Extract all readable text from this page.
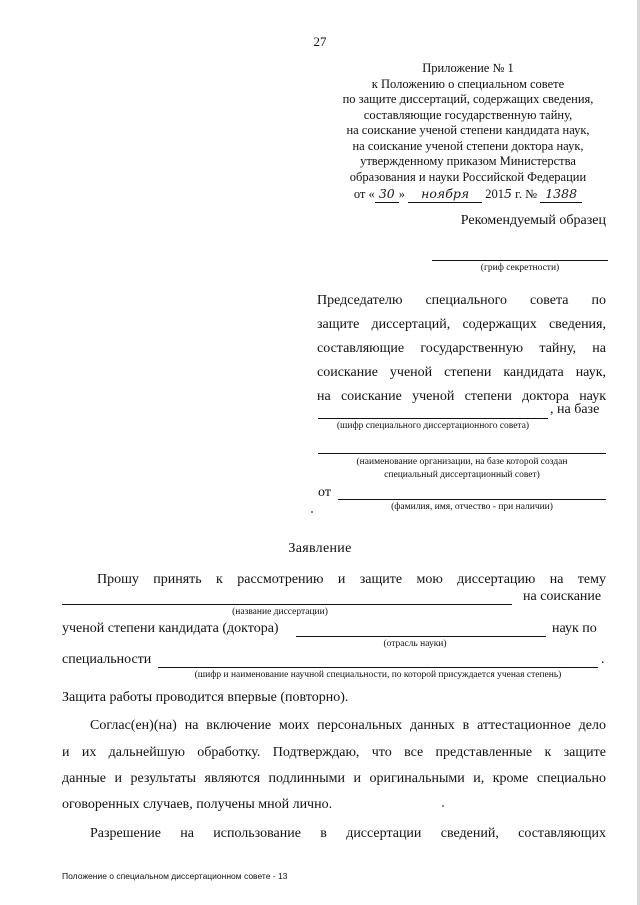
27
Приложение № 1
к Положению о специальном совете
по защите диссертаций, содержащих сведения,
составляющие государственную тайну,
на соискание ученой степени кандидата наук,
на соискание ученой степени доктора наук,
утвержденному приказом Министерства
образования и науки Российской Федерации
от « 30 » ноября 2015 г. № 1388
Рекомендуемый образец
(гриф секретности)
Председателю специального совета по
защите диссертаций, содержащих сведения,
составляющие государственную тайну, на
соискание ученой степени кандидата наук,
на соискание ученой степени доктора наук
, на базе
(шифр специального диссертационного совета)
(наименование организации, на базе которой создан
специальный диссертационный совет)
от
(фамилия, имя, отчество - при наличии)
Заявление
Прошу принять к рассмотрению и защите мою диссертацию на тему
на соискание
(название диссертации)
ученой степени кандидата (доктора)	наук по
(отрасль науки)
специальности	.
(шифр и наименование научной специальности, по которой присуждается ученая степень)
Защита работы проводится впервые (повторно).
Соглас(ен)(на) на включение моих персональных данных в аттестационное дело
и их дальнейшую обработку. Подтверждаю, что все представленные к защите
данные и результаты являются подлинными и оригинальными и, кроме специально
оговоренных случаев, получены мной лично.
Разрешение на использование в диссертации сведений, составляющих
Положение о специальном диссертационном совете - 13
